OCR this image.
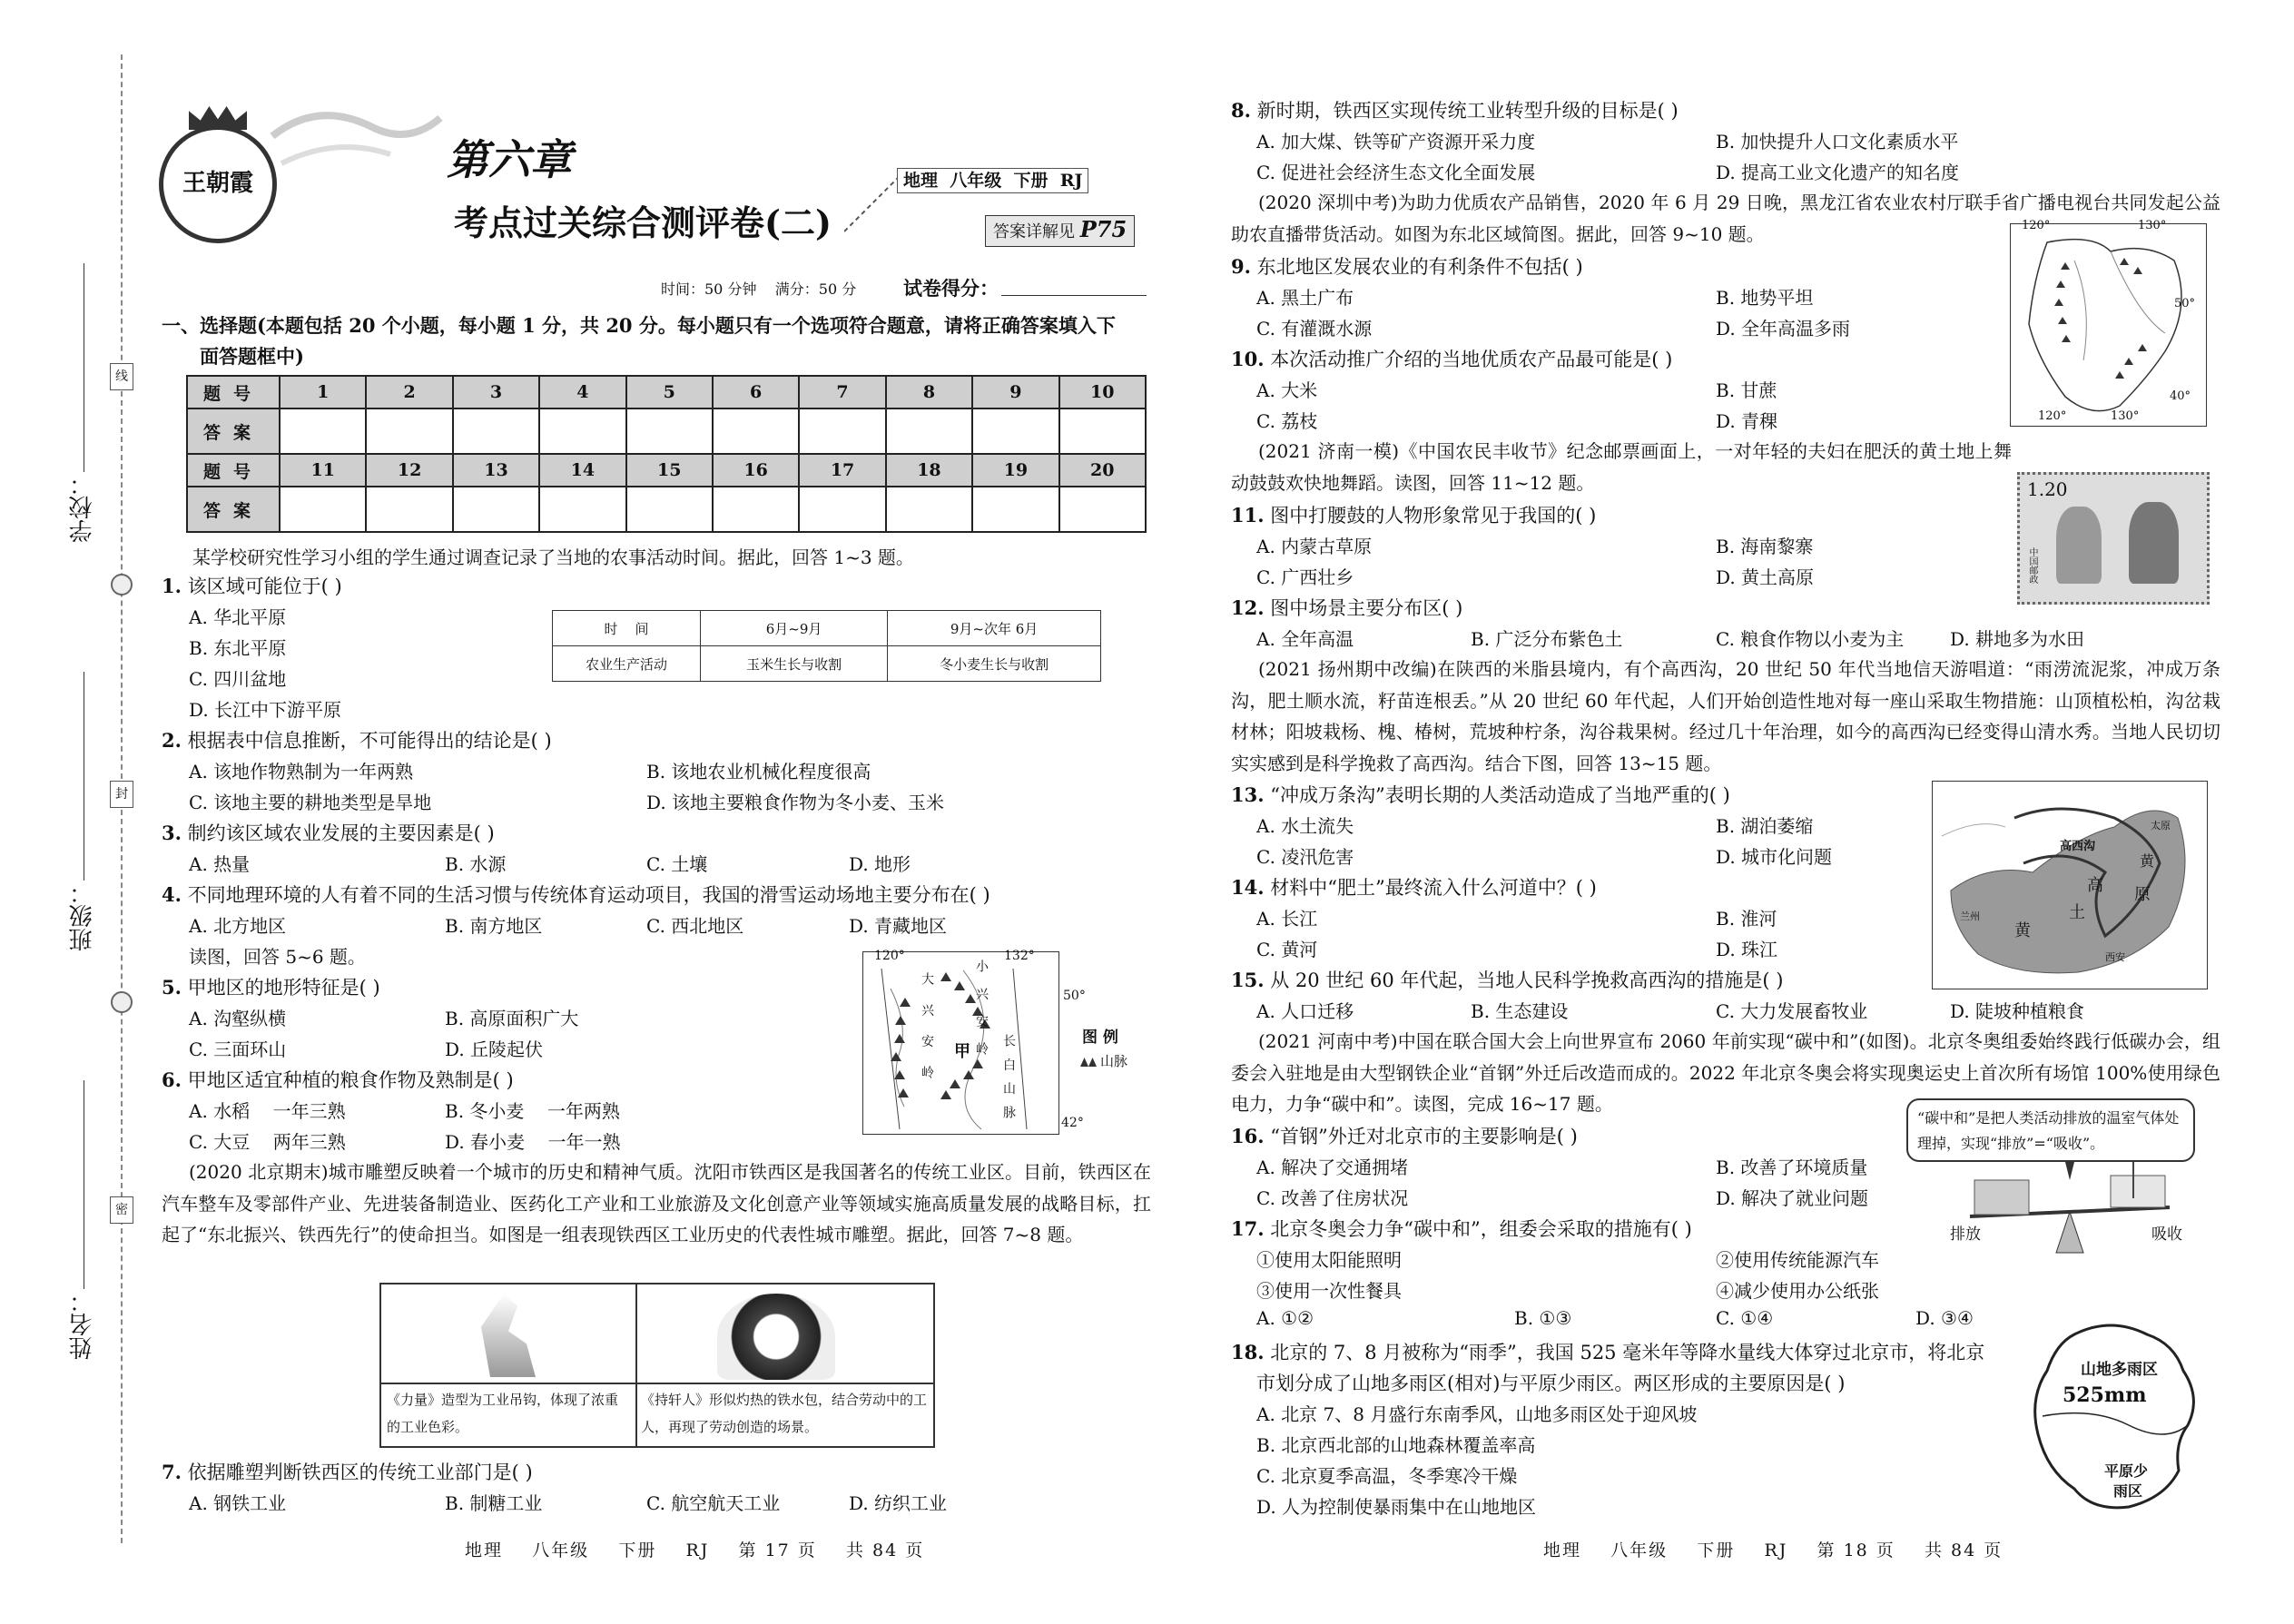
学校：
班级：
姓名：
线
封
密
王朝霞	第六章
考点过关综合测评卷(二)
地理  八年级  下册  RJ
答案详解见 P75
时间：50 分钟    满分：50 分 试卷得分：
一、选择题(本题包括 20 个小题，每小题 1 分，共 20 分。每小题只有一个选项符合题意，请将正确答案填入下
面答题框中)
题号	1	2	3	4	5	6	7	8	9	10
答案										
题号	11	12	13	14	15	16	17	18	19	20
答案										
某学校研究性学习小组的学生通过调查记录了当地的农事活动时间。据此，回答 1~3 题。
1. 该区域可能位于( )
A. 华北平原
B. 东北平原
C. 四川盆地
D. 长江中下游平原
时    间	6月~9月	9月~次年 6月
农业生产活动	玉米生长与收割	冬小麦生长与收割
2. 根据表中信息推断，不可能得出的结论是( )
A. 该地作物熟制为一年两熟	B. 该地农业机械化程度很高
C. 该地主要的耕地类型是旱地	D. 该地主要粮食作物为冬小麦、玉米
3. 制约该区域农业发展的主要因素是( )
A. 热量	B. 水源	C. 土壤	D. 地形
4. 不同地理环境的人有着不同的生活习惯与传统体育运动项目，我国的滑雪运动场地主要分布在( )
A. 北方地区	B. 南方地区	C. 西北地区	D. 青藏地区
读图，回答 5~6 题。
5. 甲地区的地形特征是( )
A. 沟壑纵横	B. 高原面积广大
C. 三面环山	D. 丘陵起伏
6. 甲地区适宜种植的粮食作物及熟制是( )
A. 水稻    一年三熟	B. 冬小麦    一年两熟
C. 大豆    两年三熟	D. 春小麦    一年一熟
120°	132°
50°
42°
甲
大 兴 安 岭	小 兴 安 岭
长 白 山 脉	图 例
山脉
(2020 北京期末)城市雕塑反映着一个城市的历史和精神气质。沈阳市铁西区是我国著名的传统工业区。目前，铁西区在汽车整车及零部件产业、先进装备制造业、医药化工产业和工业旅游及文化创意产业等领域实施高质量发展的战略目标，扛起了“东北振兴、铁西先行”的使命担当。如图是一组表现铁西区工业历史的代表性城市雕塑。据此，回答 7~8 题。
《力量》造型为工业吊钩，体现了浓重的工业色彩。
《持轩人》形似灼热的铁水包，结合劳动中的工人，再现了劳动创造的场景。
7. 依据雕塑判断铁西区的传统工业部门是( )
A. 钢铁工业	B. 制糖工业	C. 航空航天工业	D. 纺织工业
地理    八年级    下册    RJ    第 17 页    共 84 页
8. 新时期，铁西区实现传统工业转型升级的目标是( )
A. 加大煤、铁等矿产资源开采力度	B. 加快提升人口文化素质水平
C. 促进社会经济生态文化全面发展	D. 提高工业文化遗产的知名度
(2020 深圳中考)为助力优质农产品销售，2020 年 6 月 29 日晚，黑龙江省农业农村厅联手省广播电视台共同发起公益助农直播带货活动。如图为东北区域简图。据此，回答 9~10 题。
9. 东北地区发展农业的有利条件不包括( )
A. 黑土广布	B. 地势平坦
C. 有灌溉水源	D. 全年高温多雨
10. 本次活动推广介绍的当地优质农产品最可能是( )
A. 大米	B. 甘蔗
C. 荔枝	D. 青稞
120°	130°
50°
40°
120°	130°
(2021 济南一模)《中国农民丰收节》纪念邮票画面上，一对年轻的夫妇在肥沃的黄土地上舞动鼓鼓欢快地舞蹈。读图，回答 11~12 题。	1.20
中国邮政
11. 图中打腰鼓的人物形象常见于我国的( )
A. 内蒙古草原	B. 海南黎寨
C. 广西壮乡	D. 黄土高原
12. 图中场景主要分布区( )
A. 全年高温	B. 广泛分布紫色土	C. 粮食作物以小麦为主	D. 耕地多为水田
(2021 扬州期中改编)在陕西的米脂县境内，有个高西沟，20 世纪 50 年代当地信天游唱道：“雨涝流泥浆，冲成万条沟，肥土顺水流，籽苗连根丢。”从 20 世纪 60 年代起，人们开始创造性地对每一座山采取生物措施：山顶植松柏，沟岔栽材林；阳坡栽杨、槐、椿树，荒坡种柠条，沟谷栽果树。经过几十年治理，如今的高西沟已经变得山清水秀。当地人民切切实实感到是科学挽救了高西沟。结合下图，回答 13~15 题。
高西沟
黄
黄
土
高 原
太原
兰州
西安
13. “冲成万条沟”表明长期的人类活动造成了当地严重的( )
A. 水土流失	B. 湖泊萎缩
C. 凌汛危害	D. 城市化问题
14. 材料中“肥土”最终流入什么河道中？( )
A. 长江	B. 淮河
C. 黄河	D. 珠江
15. 从 20 世纪 60 年代起，当地人民科学挽救高西沟的措施是( )
A. 人口迁移	B. 生态建设	C. 大力发展畜牧业	D. 陡坡种植粮食
(2021 河南中考)中国在联合国大会上向世界宣布 2060 年前实现“碳中和”(如图)。北京冬奥组委始终践行低碳办会，组委会入驻地是由大型钢铁企业“首钢”外迁后改造而成的。2022 年北京冬奥会将实现奥运史上首次所有场馆 100%使用绿色电力，力争“碳中和”。读图，完成 16~17 题。
“碳中和”是把人类活动排放的温室气体处理掉，实现“排放”=“吸收”。
排放	吸收
16. “首钢”外迁对北京市的主要影响是( )
A. 解决了交通拥堵	B. 改善了环境质量
C. 改善了住房状况	D. 解决了就业问题
17. 北京冬奥会力争“碳中和”，组委会采取的措施有( )
①使用太阳能照明	②使用传统能源汽车
③使用一次性餐具	④减少使用办公纸张
A. ①②	B. ①③	C. ①④	D. ③④
18. 北京的 7、8 月被称为“雨季”，我国 525 毫米年等降水量线大体穿过北京市，将北京
市划分成了山地多雨区(相对)与平原少雨区。两区形成的主要原因是( )
A. 北京 7、8 月盛行东南季风，山地多雨区处于迎风坡
B. 北京西北部的山地森林覆盖率高
C. 北京夏季高温，冬季寒冷干燥
D. 人为控制使暴雨集中在山地地区
山地多雨区
525mm
平原少
雨区
地理    八年级    下册    RJ    第 18 页    共 84 页
